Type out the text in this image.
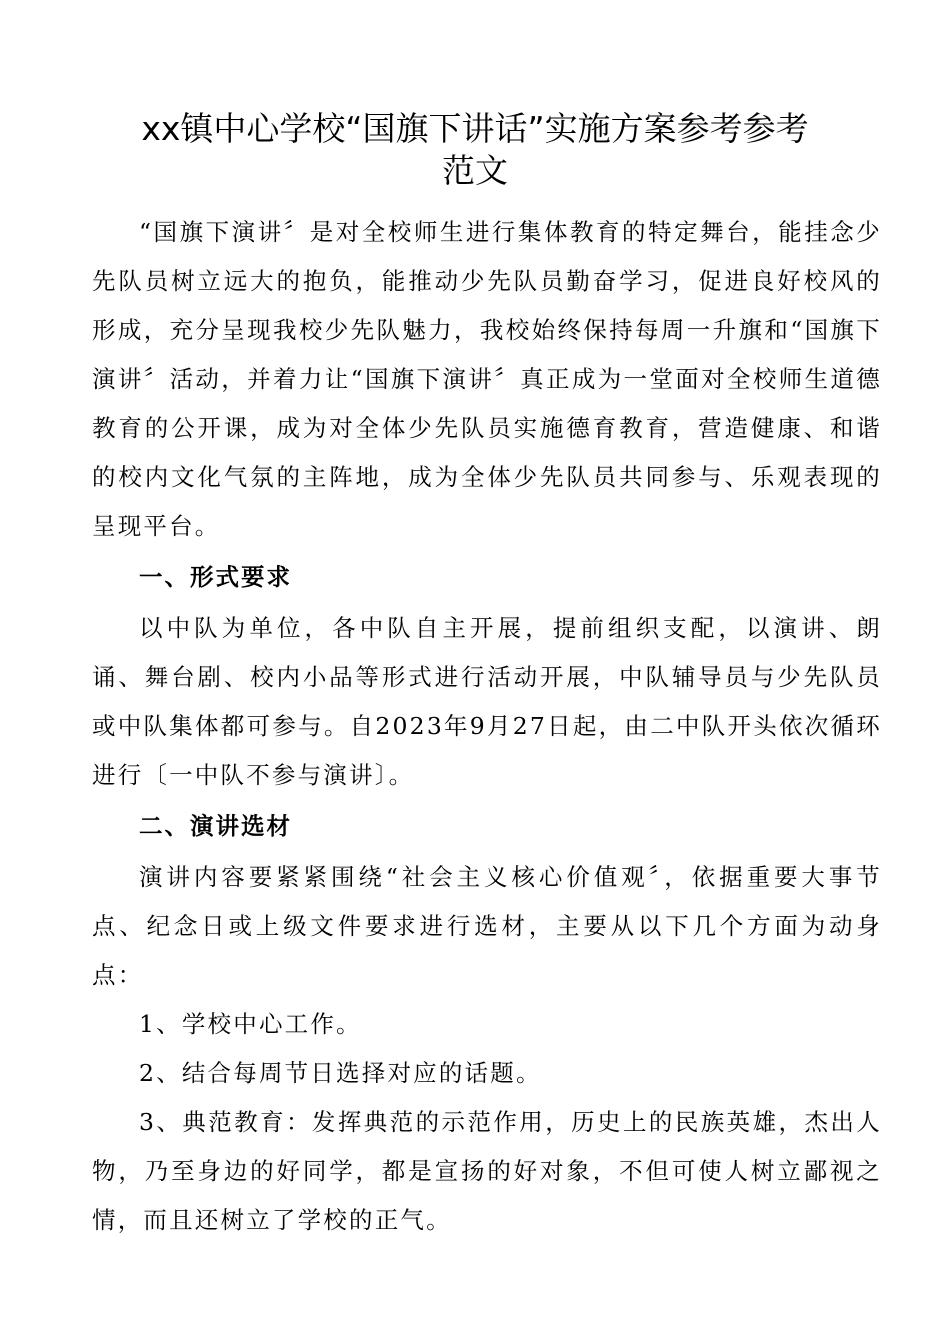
xx镇中心学校“国旗下讲话”实施方案参考参考
范文

“国旗下演讲〞是对全校师生进行集体教育的特定舞台，能挂念少先队员树立远大的抱负，能推动少先队员勤奋学习，促进良好校风的形成，充分呈现我校少先队魅力，我校始终保持每周一升旗和“国旗下演讲〞活动，并着力让“国旗下演讲〞真正成为一堂面对全校师生道德教育的公开课，成为对全体少先队员实施德育教育，营造健康、和谐的校内文化气氛的主阵地，成为全体少先队员共同参与、乐观表现的呈现平台。

一、形式要求

以中队为单位，各中队自主开展，提前组织支配，以演讲、朗诵、舞台剧、校内小品等形式进行活动开展，中队辅导员与少先队员或中队集体都可参与。自2023年9月27日起，由二中队开头依次循环进行〔一中队不参与演讲〕。

二、演讲选材

演讲内容要紧紧围绕“社会主义核心价值观〞，依据重要大事节点、纪念日或上级文件要求进行选材，主要从以下几个方面为动身点：

1、学校中心工作。

2、结合每周节日选择对应的话题。

3、典范教育：发挥典范的示范作用，历史上的民族英雄，杰出人物，乃至身边的好同学，都是宣扬的好对象，不但可使人树立鄙视之情，而且还树立了学校的正气。
